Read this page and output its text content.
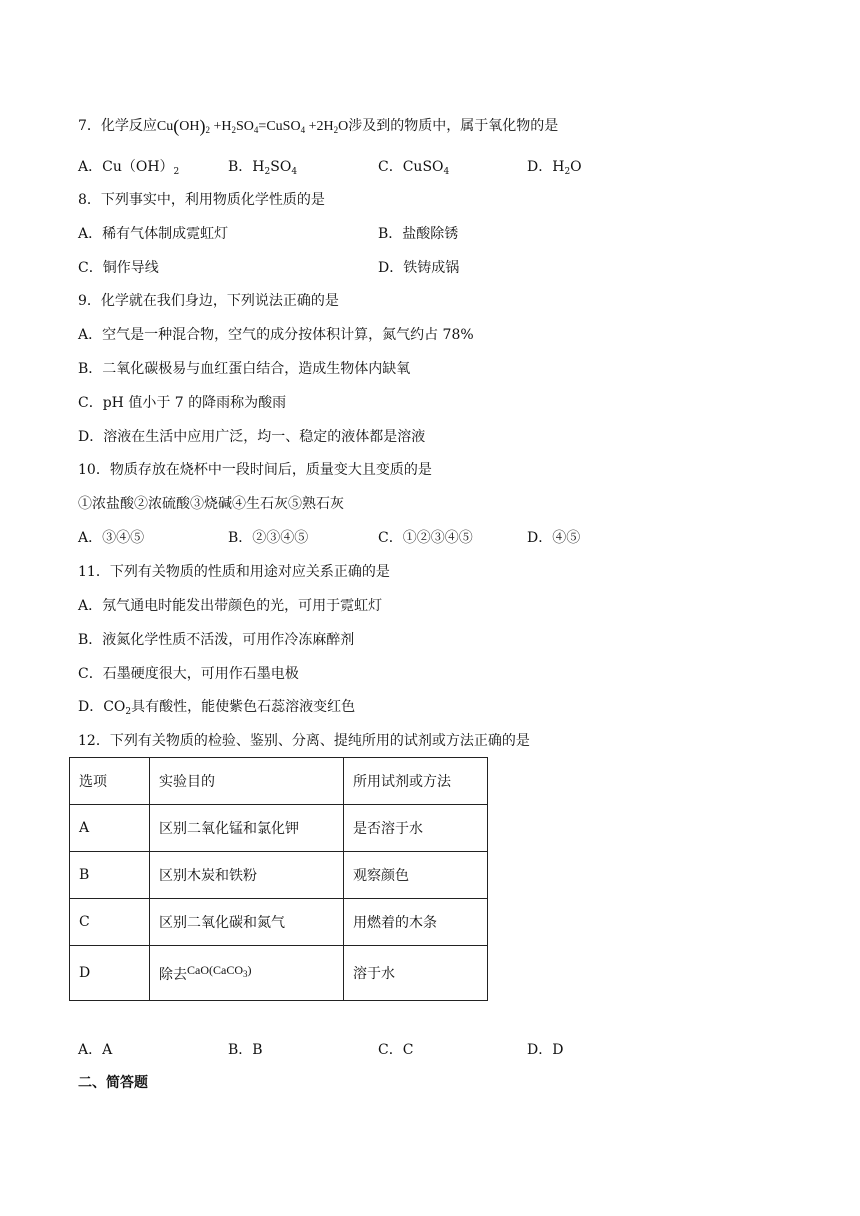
7．化学反应$Cu(OH)_2$ $+H_2SO_4=CuSO_4 +2H_2O$涉及到的物质中，属于氧化物的是
A．$Cu(OH)_2$	B．$H_2SO_4$	C．CuSO$_4$	D．$H_2O$
8．下列事实中，利用物质化学性质的是
A．稀有气体制成霓虹灯	B．盐酸除锈
C．铜作导线	D．铁铸成锅
9．化学就在我们身边，下列说法正确的是
A．空气是一种混合物，空气的成分按体积计算，氮气约占 78%
B．二氧化碳极易与血红蛋白结合，造成生物体内缺氧
C．pH 值小于 7 的降雨称为酸雨
D．溶液在生活中应用广泛，均一、稳定的液体都是溶液
10．物质存放在烧杯中一段时间后，质量变大且变质的是
①浓盐酸②浓硫酸③烧碱④生石灰⑤熟石灰
A．③④⑤	B．②③④⑤	C．①②③④⑤	D．④⑤
11．下列有关物质的性质和用途对应关系正确的是
A．氖气通电时能发出带颜色的光，可用于霓虹灯
B．液氮化学性质不活泼，可用作冷冻麻醉剂
C．石墨硬度很大，可用作石墨电极
D．$CO_2$具有酸性，能使紫色石蕊溶液变红色
12．下列有关物质的检验、鉴别、分离、提纯所用的试剂或方法正确的是
选项	实验目的	所用试剂或方法
A	区别二氧化锰和氯化钾	是否溶于水
B	区别木炭和铁粉	观察颜色
C	区别二氧化碳和氮气	用燃着的木条
D	除去CaO(CaCO$_3$)	溶于水
A．A	B．B	C．C	D．D
二、简答题
